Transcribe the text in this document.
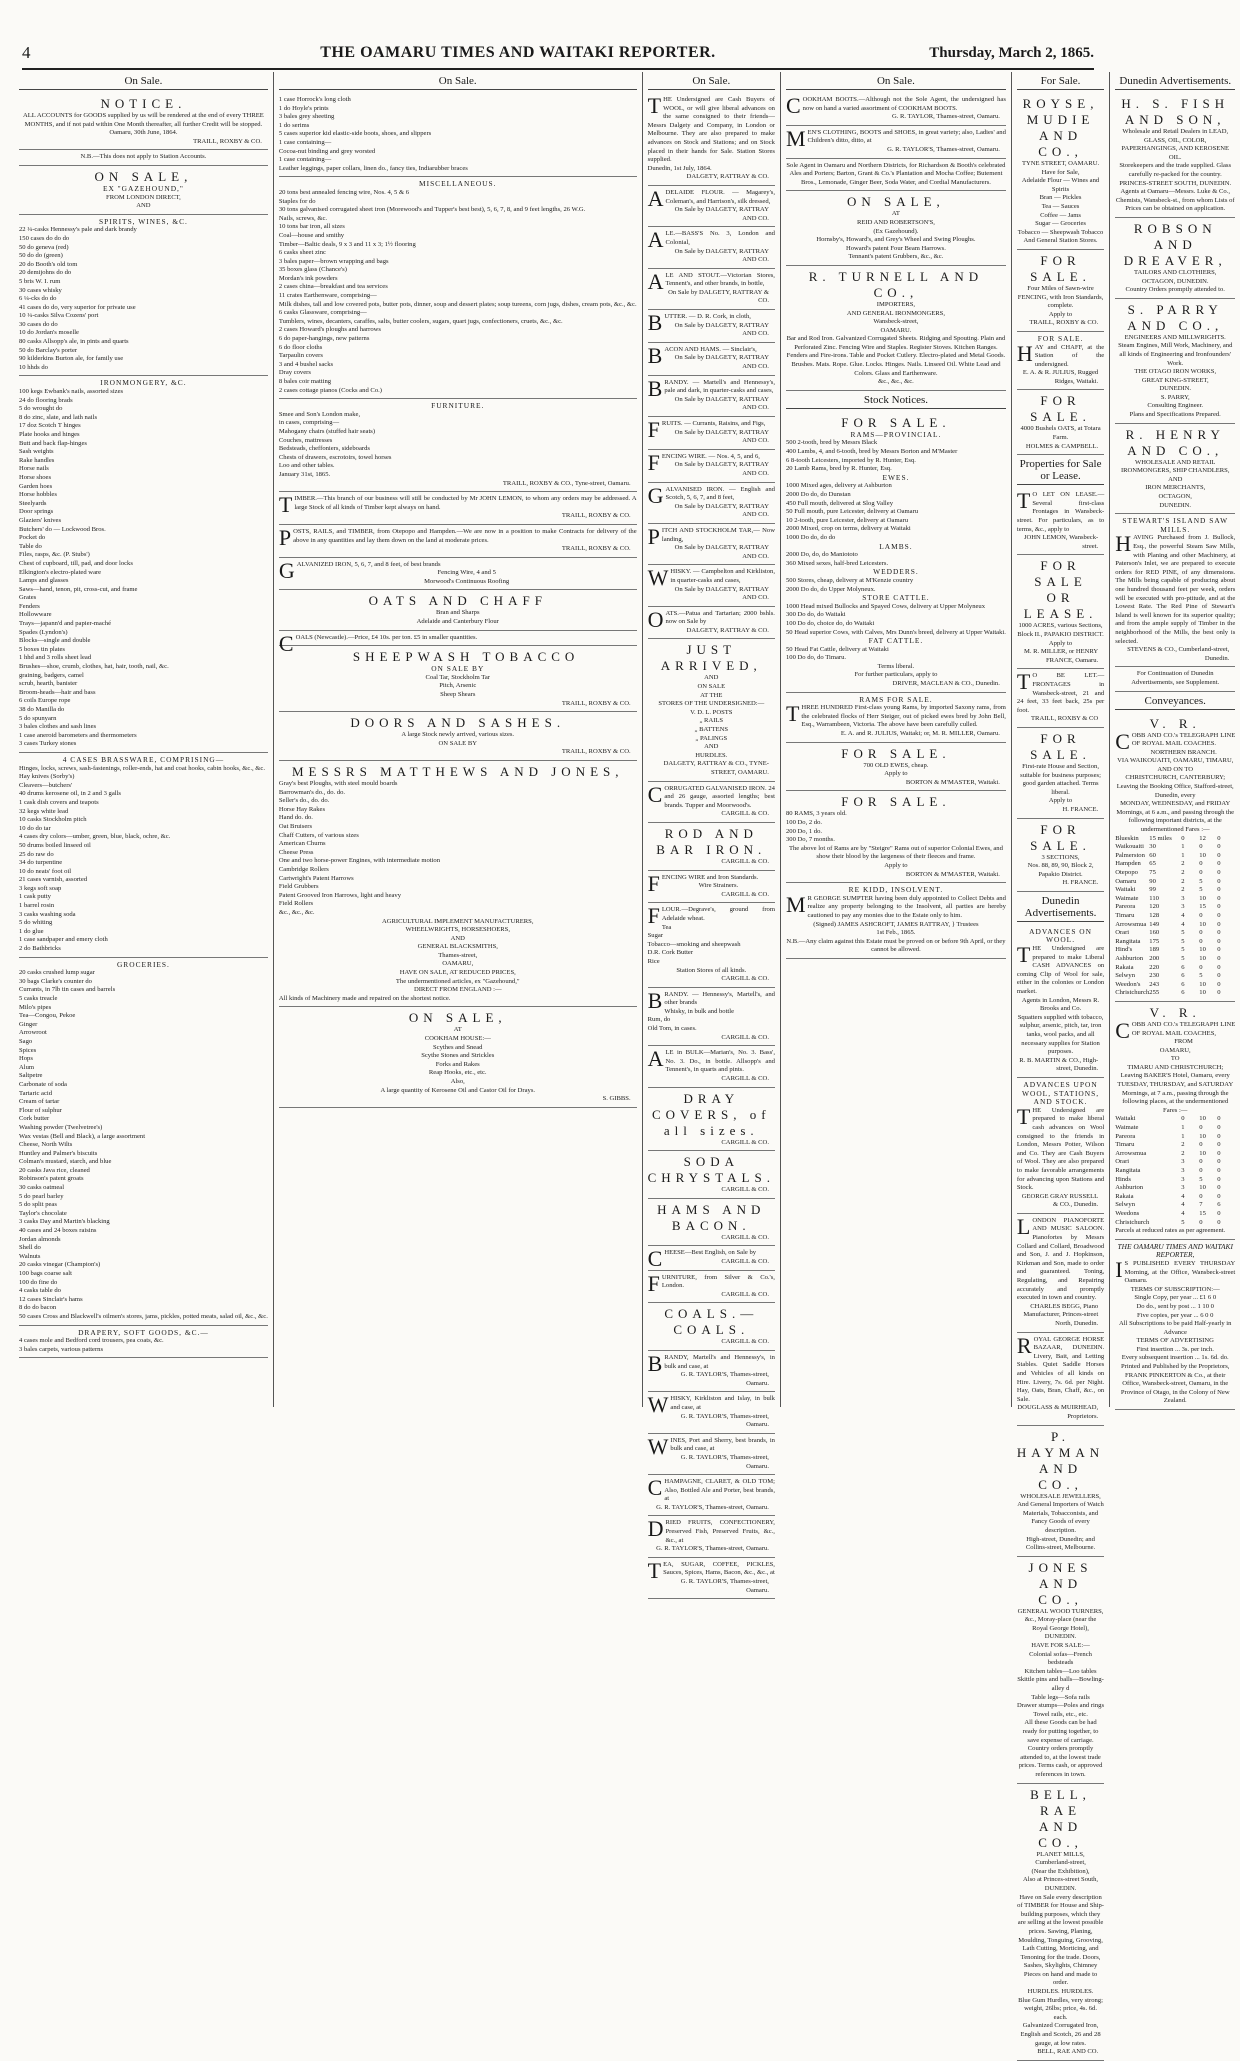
4	THE OAMARU TIMES AND WAITAKI REPORTER.	Thursday, March 2, 1865.
On Sale.
NOTICE.
ALL ACCOUNTS for GOODS supplied by us will be rendered at the end of every THREE MONTHS, and if not paid within One Month thereafter, all further Credit will be stopped.
Oamaru, 30th June, 1864.
TRAILL, ROXBY & CO.
N.B.—This does not apply to Station Accounts.
ON SALE,
EX "GAZEHOUND,"
FROM LONDON DIRECT,
AND
SPIRITS, WINES, &C.
22 ¼-casks Hennessy's pale and dark brandy
150 cases do do do
50 do geneva (red)
50 do do (green)
20 do Booth's old tom
20 demijohns do do
5 bris W. I. rum
30 cases whisky
6 ¼-cks do do
41 cases do do, very superior for private use
10 ¼-casks Silva Cozens' port
30 cases do do
10 do Jordan's moselle
80 casks Allsopp's ale, in pints and quarts
50 do Barclay's porter
90 kilderkins Burton ale, for family use
10 hhds do
IRONMONGERY, &C.
100 kegs Ewbank's nails, assorted sizes
24 do flooring brads
5 do wrought do
8 do zinc, slate, and lath nails
17 doz Scotch T hinges
Plate hooks and hinges
Butt and back flap-hinges
Sash weights
Rake handles
Horse nails
Horse shoes
Garden hoes
Horse hobbles
Steelyards
Door springs
Glaziers' knives
Butchers' do — Lockwood Bros.
Pocket do
Table do
Files, rasps, &c. (P. Stubs')
Chest of cupboard, till, pad, and door locks
Elkington's electro-plated ware
Lamps and glasses
Saws—hand, tenon, pit, cross-cut, and frame
Grates
Fenders
Hollowware
Trays—japann'd and papier-maché
Spades (Lyndon's)
Blocks—single and double
5 boxes tin plates
1 hhd and 3 rolls sheet lead
Brushes—shoe, crumb, clothes, hat, hair, tooth, nail, &c.
graining, badgers, camel
scrub, hearth, banister
Broom-heads—hair and bass
6 coils Europe rope
38 do Manilla do
5 do spunyarn
3 bales clothes and sash lines
1 case aneroid barometers and thermometers
3 cases Turkey stones
4 CASES BRASSWARE, COMPRISING—
Hinges, locks, screws, sash-fastenings, roller-ends, hat and coat hooks, cabin hooks, &c., &c.
Hay knives (Sorby's)
Cleavers—butchers'
40 drums kerosene oil, in 2 and 3 galls
1 cask dish covers and teapots
32 kegs white lead
10 casks Stockholm pitch
10 do do tar
4 cases dry colors—umber, green, blue, black, ochre, &c.
50 drums boiled linseed oil
25 do raw do
34 do turpentine
10 do neats' foot oil
21 cases varnish, assorted
3 kegs soft soap
1 cask putty
1 barrel rosin
3 casks washing soda
5 do whiting
1 do glue
1 case sandpaper and emery cloth
2 do Bathbricks
GROCERIES.
20 casks crushed lump sugar
30 bags Clarke's counter do
Currants, in 7lb tin cases and barrels
5 casks treacle
Milo's pipes
Tea—Congou, Pekoe
Ginger
Arrowroot
Sago
Spices
Hops
Alum
Saltpetre
Carbonate of soda
Tartaric acid
Cream of tartar
Flour of sulphur
Cork butter
Washing powder (Twelvetree's)
Wax vestas (Bell and Black), a large assortment
Cheese, North Wilts
Huntley and Palmer's biscuits
Colman's mustard, starch, and blue
20 casks Java rice, cleaned
Robinson's patent groats
30 casks oatmeal
5 do pearl barley
5 do split peas
Taylor's chocolate
3 casks Day and Martin's blacking
40 cases and 24 boxes raisins
Jordan almonds
Shell do
Walnuts
20 casks vinegar (Champion's)
100 bags coarse salt
100 do fine do
4 casks table do
12 cases Sinclair's hams
8 do do bacon
50 cases Cross and Blackwell's oilmen's stores, jams, pickles, potted meats, salad oil, &c., &c.
DRAPERY, SOFT GOODS, &C.—
4 cases mole and Bedford cord trousers, pea coats, &c.
3 bales carpets, various patterns
On Sale.
1 case Horrock's long cloth
1 do Hoyle's prints
3 bales grey sheeting
1 do serims
5 cases superior kid elastic-side boots, shoes, and slippers
1 case containing—
Cocoa-nut binding and grey worsted
1 case containing—
Leather leggings, paper collars, linen do., fancy ties, Indiarubber braces
MISCELLANEOUS.
20 tons best annealed fencing wire, Nos. 4, 5 & 6
Staples for do
30 tons galvanised corrugated sheet iron (Morewood's and Tupper's best best), 5, 6, 7, 8, and 9 feet lengths, 26 W.G.
Nails, screws, &c.
10 tons bar iron, all sizes
Coal—house and smithy
Timber—Baltic deals, 9 x 3 and 11 x 3; 1½ flooring
6 casks sheet zinc
3 bales paper—brown wrapping and bags
35 boxes glass (Chance's)
Mordan's ink powders
2 cases china—breakfast and tea services
11 crates Earthenware, comprising—
Milk dishes, tall and low covered pots, butter pots, dinner, soup and dessert plates; soup tureens, corn jugs, dishes, cream pots, &c., &c.
6 casks Glassware, comprising—
Tumblers, wines, decanters, caraffes, salts, butter coolers, sugars, quart jugs, confectioners, cruets, &c., &c.
2 cases Howard's ploughs and harrows
6 do paper-hangings, new patterns
6 do floor cloths
Tarpaulin covers
3 and 4 bushel sacks
Dray covers
8 bales coir matting
2 cases cottage pianos (Cocks and Co.)
FURNITURE.
Smee and Son's London make,
in cases, comprising—
Mahogany chairs (stuffed hair seats)
Couches, mattresses
Bedsteads, cheffoniers, sideboards
Chests of drawers, escrotoirs, towel horses
Loo and other tables.
January 31st, 1865.
TRAILL, ROXBY & CO., Tyne-street, Oamaru.
TIMBER.—This branch of our business will still be conducted by Mr JOHN LEMON, to whom any orders may be addressed. A large Stock of all kinds of Timber kept always on hand.
TRAILL, ROXBY & CO.
POSTS, RAILS, and TIMBER, from Otepopo and Hampden.—We are now in a position to make Contracts for delivery of the above in any quantities and lay them down on the land at moderate prices.
TRAILL, ROXBY & CO.
GALVANIZED IRON, 5, 6, 7, and 8 feet, of best brands
Fencing Wire, 4 and 5
Morwood's Continuous Roofing
OATS AND CHAFF
Bran and Sharps
Adelaide and Canterbury Flour
COALS (Newcastle).—Price, £4 10s. per ton. £5 in smaller quantities.
SHEEPWASH TOBACCO
ON SALE BY
Coal Tar, Stockholm Tar
Pitch, Arsenic
Sheep Shears
TRAILL, ROXBY & CO.
DOORS AND SASHES.
A large Stock newly arrived, various sizes.
ON SALE BY
TRAILL, ROXBY & CO.
MESSRS MATTHEWS AND JONES,
Gray's best Ploughs, with steel mould boards
Barrowman's do., do. do.
Seller's do., do. do.
Horse Hay Rakes
Hand do. do.
Oat Bruisers
Chaff Cutters, of various sizes
American Churns
Cheese Press
One and two horse-power Engines, with intermediate motion
Cambridge Rollers
Cartwright's Patent Harrows
Field Grubbers
Patent Grooved Iron Harrows, light and heavy
Field Rollers
&c., &c., &c.
AGRICULTURAL IMPLEMENT MANUFACTURERS,
WHEELWRIGHTS, HORSESHOERS,
AND
GENERAL BLACKSMITHS,
Thames-street,
OAMARU,
HAVE ON SALE, AT REDUCED PRICES,
The undermentioned articles, ex "Gazehound,"
DIRECT FROM ENGLAND :—
All kinds of Machinery made and repaired on the shortest notice.
ON SALE,
AT
COOKHAM HOUSE:—
Scythes and Snead
Scythe Stones and Strickles
Forks and Rakes
Reap Hooks, etc., etc.
Also,
A large quantity of Kerosene Oil and Castor Oil for Drays.
S. GIBBS.
On Sale.
THE Undersigned are Cash Buyers of WOOL, or will give liberal advances on the same consigned to their friends—Messrs Dalgety and Company, in London or Melbourne. They are also prepared to make advances on Stock and Stations; and on Stock placed in their hands for Sale. Station Stores supplied.
Dunedin, 1st July, 1864.
DALGETY, RATTRAY & CO.
ADELAIDE FLOUR. — Magarey's, Coleman's, and Harrison's, silk dressed,
On Sale by DALGETY, RATTRAY AND CO.
ALE.—BASS'S No. 3, London and Colonial,
On Sale by DALGETY, RATTRAY AND CO.
ALE AND STOUT.—Victorian Stores, Tennent's, and other brands, in bottle,
On Sale by DALGETY, RATTRAY & CO.
BUTTER. — D. R. Cork, in cloth,
On Sale by DALGETY, RATTRAY AND CO.
BACON AND HAMS. — Sinclair's,
On Sale by DALGETY, RATTRAY AND CO.
BRANDY. — Martell's and Hennessy's, pale and dark, in quarter-casks and cases,
On Sale by DALGETY, RATTRAY AND CO.
FRUITS. — Currants, Raisins, and Figs,
On Sale by DALGETY, RATTRAY AND CO.
FENCING WIRE. — Nos. 4, 5, and 6,
On Sale by DALGETY, RATTRAY AND CO.
GALVANISED IRON. — English and Scotch, 5, 6, 7, and 8 feet,
On Sale by DALGETY, RATTRAY AND CO.
PITCH AND STOCKHOLM TAR,— Now landing,
On Sale by DALGETY, RATTRAY AND CO.
WHISKY. — Campbelton and Kirkliston, in quarter-casks and cases,
On Sale by DALGETY, RATTRAY AND CO.
OATS.—Patua and Tartarian; 2000 bshls. now on Sale by
DALGETY, RATTRAY & CO.
JUST ARRIVED,
AND
ON SALE
AT THE
STORES OF THE UNDERSIGNED:—
V. D. L. POSTS
„ RAILS
„ BATTENS
„ PALINGS
AND
HURDLES.
DALGETY, RATTRAY & CO., TYNE-STREET, OAMARU.
CORRUGATED GALVANISED IRON. 24 and 26 gauge, assorted lengths; best brands. Tupper and Moorwood's.
CARGILL & CO.
ROD AND BAR IRON.
CARGILL & CO.
FENCING WIRE and Iron Standards.
Wire Strainers.
CARGILL & CO.
FLOUR.—Degrave's, ground from Adelaide wheat.
Tea
Sugar
Tobacco—smoking and sheepwash
D.R. Cork Butter
Rice
Station Stores of all kinds.
CARGILL & CO.
BRANDY. — Hennessy's, Martell's, and other brands
Whisky, in bulk and bottle
Rum, do
Old Tom, in cases.
CARGILL & CO.
ALE in BULK—Marian's, No. 3. Bass', No. 3. Do., in bottle. Allsopp's and Tennent's, in quarts and pints.
CARGILL & CO.
DRAY COVERS, of all sizes.
CARGILL & CO.
SODA CHRYSTALS.
CARGILL & CO.
HAMS AND BACON.
CARGILL & CO.
CHEESE—Best English, on Sale by
CARGILL & CO.
FURNITURE, from Silver & Co.'s, London.
CARGILL & CO.
COALS.—COALS.
CARGILL & CO.
BRANDY, Martell's and Hennessy's, in bulk and case, at
G. R. TAYLOR'S, Thames-street, Oamaru.
WHISKY, Kirkliston and Islay, in bulk and case, at
G. R. TAYLOR'S, Thames-street, Oamaru.
WINES, Port and Sherry, best brands, in bulk and case, at
G. R. TAYLOR'S, Thames-street, Oamaru.
CHAMPAGNE, CLARET, & OLD TOM; Also, Bottled Ale and Porter, best brands, at
G. R. TAYLOR'S, Thames-street, Oamaru.
DRIED FRUITS, CONFECTIONERY, Preserved Fish, Preserved Fruits, &c., &c., at
G. R. TAYLOR'S, Thames-street, Oamaru.
TEA, SUGAR, COFFEE, PICKLES, Sauces, Spices, Hams, Bacon, &c., &c., at
G. R. TAYLOR'S, Thames-street, Oamaru.
On Sale.
COOKHAM BOOTS.—Although not the Sole Agent, the undersigned has now on hand a varied assortment of COOKHAM BOOTS.
G. R. TAYLOR, Thames-street, Oamaru.
MEN'S CLOTHING, BOOTS and SHOES, in great variety; also, Ladies' and Children's ditto, ditto, at
G. R. TAYLOR'S, Thames-street, Oamaru.
Sole Agent in Oamaru and Northern Districts, for Richardson & Booth's celebrated Ales and Porters; Barton, Grant & Co.'s Plantation and Mocha Coffee; Butement Bros., Lemonade, Ginger Beer, Soda Water, and Cordial Manufacturers.
ON SALE,
AT
REID AND ROBERTSON'S,
(Ex Gazehound).
Hornsby's, Howard's, and Grey's Wheel and Swing Ploughs.
Howard's patent Four Beam Harrows.
Tennant's patent Grubbers, &c., &c.
R. TURNELL AND CO.,
IMPORTERS,
AND GENERAL IRONMONGERS,
Wansbeck-street,
OAMARU.
Bar and Rod Iron. Galvanized Corrugated Sheets. Ridging and Spouting. Plain and Perforated Zinc. Fencing Wire and Staples. Register Stoves. Kitchen Ranges. Fenders and Fire-irons. Table and Pocket Cutlery. Electro-plated and Metal Goods. Brushes. Mats. Rope. Glue. Locks. Hinges. Nails. Linseed Oil. White Lead and Colors. Glass and Earthenware.
&c., &c., &c.
Stock Notices.
FOR SALE.
RAMS—PROVINCIAL.
500 2-tooth, bred by Messrs Black
400 Lambs, 4, and 6-tooth, bred by Messrs Borton and M'Master
6 8-tooth Leicesters, imported by R. Hunter, Esq.
20 Lamb Rams, bred by R. Hunter, Esq.
EWES.
1000 Mixed ages, delivery at Ashburton
2000 Do do, do Dunstan
450 Full mouth, delivered at Slog Valley
50 Full mouth, pure Leicester, delivery at Oamaru
10 2-tooth, pure Leicester, delivery at Oamaru
2000 Mixed, crop on terms, delivery at Waitaki
1000 Do do, do do
LAMBS.
2000 Do, do, do Maniototo
360 Mixed sexes, half-bred Leicesters.
WEDDERS.
500 Stores, cheap, delivery at M'Kenzie country
2000 Do do, do Upper Molyneux.
STORE CATTLE.
1000 Head mixed Bullocks and Spayed Cows, delivery at Upper Molyneux
300 Do do, do Waitaki
100 Do do, choice do, do Waitaki
50 Head superior Cows, with Calves, Mrs Dunn's breed, delivery at Upper Waitaki.
FAT CATTLE.
50 Head Fat Cattle, delivery at Waitaki
100 Do do, do Timaru.
Terms liberal.
For further particulars, apply to
DRIVER, MACLEAN & CO., Dunedin.
RAMS FOR SALE.
THREE HUNDRED First-class young Rams, by imported Saxony rams, from the celebrated flocks of Herr Steiger, out of picked ewes bred by John Bell, Esq., Warrambeen, Victoria. The above have been carefully culled.
E. A. and R. JULIUS, Waitaki; or, M. R. MILLER, Oamaru.
FOR SALE.
700 OLD EWES, cheap.
Apply to
BORTON & M'MASTER, Waitaki.
FOR SALE.
80 RAMS, 3 years old.
100 Do, 2 do.
200 Do, 1 do.
300 Do, 7 months.
The above lot of Rams are by "Steigre" Rams out of superior Colonial Ewes, and show their blood by the largeness of their fleeces and frame.
Apply to
BORTON & M'MASTER, Waitaki.
RE KIDD, INSOLVENT.
MR GEORGE SUMPTER having been duly appointed to Collect Debts and realize any property belonging to the Insolvent, all parties are hereby cautioned to pay any monies due to the Estate only to him.
(Signed) JAMES ASHCROFT, JAMES RATTRAY, } Trustees
1st Feb., 1865.
N.B.—Any claim against this Estate must be proved on or before 9th April, or they cannot be allowed.
For Sale.
ROYSE, MUDIE AND CO.,
TYNE STREET, OAMARU.
Have for Sale,
Adelaide Flour — Wines and Spirits
Bran — Pickles
Tea — Sauces
Coffee — Jams
Sugar — Groceries
Tobacco — Sheepwash Tobacco
And General Station Stores.
FOR SALE.
Four Miles of Sawn-wire FENCING, with Iron Standards, complete.
Apply to
TRAILL, ROXBY & CO.
FOR SALE.
HAY and CHAFF, at the Station of the undersigned.
E. A. & R. JULIUS, Rugged Ridges, Waitaki.
FOR SALE.
4000 Bushels OATS, at Totara Farm.
HOLMES & CAMPBELL.
Properties for Sale or Lease.
TO LET ON LEASE.—Several first-class Frontages in Wansbeck-street. For particulars, as to terms, &c., apply to
JOHN LEMON, Wansbeck-street.
FOR SALE OR LEASE.
1000 ACRES, various Sections, Block II., PAPAKIO DISTRICT.
Apply to
M. R. MILLER, or HENRY FRANCE, Oamaru.
TO BE LET.—FRONTAGES in Wansbeck-street, 21 and 24 feet, 33 feet back, 25s per foot.
TRAILL, ROXBY & CO
FOR SALE.
First-rate House and Section, suitable for business purposes; good garden attached. Terms liberal.
Apply to
H. FRANCE.
FOR SALE.
3 SECTIONS,
Nos. 88, 89, 90, Block 2, Papakio District.
H. FRANCE.
Dunedin Advertisements.
ADVANCES ON WOOL.
THE Undersigned are prepared to make Liberal CASH ADVANCES on coming Clip of Wool for sale, either in the colonies or London market.
Agents in London, Messrs R. Brooks and Co.
Squatters supplied with tobacco, sulphur, arsenic, pitch, tar, iron tanks, wool packs, and all necessary supplies for Station purposes.
R. B. MARTIN & CO., High-street, Dunedin.
ADVANCES UPON WOOL, STATIONS, AND STOCK.
THE Undersigned are prepared to make liberal cash advances on Wool consigned to the friends in London, Messrs Potter, Wilson and Co. They are Cash Buyers of Wool. They are also prepared to make favorable arrangements for advancing upon Stations and Stock.
GEORGE GRAY RUSSELL & CO., Dunedin.
LONDON PIANOFORTE AND MUSIC SALOON. Pianofortes by Messrs Collard and Collard, Broadwood and Son, J. and J. Hopkinson, Kirkman and Son, made to order and guaranteed. Toning, Regulating, and Repairing accurately and promptly executed in town and country.
CHARLES BEGG, Piano Manufacturer, Princes-street North, Dunedin.
ROYAL GEORGE HORSE BAZAAR, DUNEDIN. Livery, Bait, and Letting Stables. Quiet Saddle Horses and Vehicles of all kinds on Hire. Livery, 7s. 6d. per Night. Hay, Oats, Bran, Chaff, &c., on Sale.
DOUGLASS & MUIRHEAD, Proprietors.
P. HAYMAN AND CO.,
WHOLESALE JEWELLERS, And General Importers of Watch Materials, Tobacconists, and Fancy Goods of every description.
High-street, Dunedin; and Collins-street, Melbourne.
JONES AND CO.,
GENERAL WOOD TURNERS, &c., Moray-place (near the Royal George Hotel), DUNEDIN.
HAVE FOR SALE:—
Colonial sofas—French bedsteads
Kitchen tables—Loo tables
Skittle pins and balls—Bowling-alley d
Table legs—Sofa rails
Drawer stumps—Poles and rings
Towel rails, etc., etc.
All these Goods can be had ready for putting together, to save expense of carriage. Country orders promptly attended to, at the lowest trade prices. Terms cash, or approved references in town.
BELL, RAE AND CO.,
PLANET MILLS,
Cumberland-street,
(Near the Exhibition),
Also at Princes-street South, DUNEDIN.
Have on Sale every description of TIMBER for House and Ship-building purposes, which they are selling at the lowest possible prices. Sawing, Planing, Moulding, Tonguing, Grooving, Lath Cutting, Morticing, and Tenoning for the trade. Doors, Sashes, Skylights, Chimney Pieces on hand and made to order.
HURDLES. HURDLES.
Blue Gum Hurdles, very strong; weight, 26lbs; price, 4s. 6d. each.
Galvanized Corrugated Iron, English and Scotch, 26 and 28 gauge, at low rates.
BELL, RAE AND CO.
Dunedin Advertisements.
H. S. FISH AND SON,
Wholesale and Retail Dealers in LEAD, GLASS, OIL, COLOR, PAPERHANGINGS, AND KEROSENE OIL.
Storekeepers and the trade supplied. Glass carefully re-packed for the country.
PRINCES-STREET SOUTH, DUNEDIN.
Agents at Oamaru—Messrs. Luke & Co., Chemists, Wansbeck-st., from whom Lists of Prices can be obtained on application.
ROBSON AND DREAVER,
TAILORS AND CLOTHIERS,
OCTAGON, DUNEDIN.
Country Orders promptly attended to.
S. PARRY AND CO.,
ENGINEERS AND MILLWRIGHTS.
Steam Engines, Mill Work, Machinery, and all kinds of Engineering and Ironfounders' Work.
THE OTAGO IRON WORKS,
GREAT KING-STREET,
DUNEDIN.
S. PARRY,
Consulting Engineer.
Plans and Specifications Prepared.
R. HENRY AND CO.,
WHOLESALE AND RETAIL IRONMONGERS, SHIP CHANDLERS,
AND
IRON MERCHANTS,
OCTAGON,
DUNEDIN.
STEWART'S ISLAND SAW MILLS.
HAVING Purchased from J. Bullock, Esq., the powerful Steam Saw Mills, with Planing and other Machinery, at Paterson's Inlet, we are prepared to execute orders for RED PINE, of any dimensions. The Mills being capable of producing about one hundred thousand feet per week, orders will be executed with pro-ptitude, and at the Lowest Rate. The Red Pine of Stewart's Island is well known for its superior quality; and from the ample supply of Timber in the neighborhood of the Mills, the best only is selected.
STEVENS & CO., Cumberland-street, Dunedin.
For Continuation of Dunedin Advertisements, see Supplement.
Conveyances.
V. R.
COBB AND CO.'s TELEGRAPH LINE OF ROYAL MAIL COACHES.
NORTHERN BRANCH.
VIA WAIKOUAITI, OAMARU, TIMARU,
AND ON TO
CHRISTCHURCH, CANTERBURY;
Leaving the Booking Office, Stafford-street, Dunedin, every
MONDAY, WEDNESDAY, and FRIDAY
Mornings, at 6 a.m., and passing through the following important districts, at the undermentioned Fares :—
Blueskin	15 miles	0	12	0
Waikouaiti 30	1	0	0
Palmerston 60	1	10	0
Hampden	65	2	0	0
Otepopo	75	2	0	0
Oamaru	90	2	5	0
Waitaki	99	2	5	0
Waimate	110	3	10	0
Pareora	120	3	15	0
Timaru	128	4	0	0
Arrowsmua 149	4	10	0
Orari	160	5	0	0
Rangitata	175	5	0	0
Hind's	189	5	10	0
Ashburton 200	5	10	0
Rakaia	220	6	0	0
Selwyn	230	6	5	0
Weedon's	243	6	10	0
Christchurch 255	6	10	0
V. R.
COBB AND CO.'s TELEGRAPH LINE OF ROYAL MAIL COACHES,
FROM
OAMARU,
TO
TIMARU AND CHRISTCHURCH;
Leaving BAKER'S Hotel, Oamaru, every TUESDAY, THURSDAY, and SATURDAY Mornings, at 7 a.m., passing through the following places, at the undermentioned Fares :—
Waitaki	0	10	0
Waimate	1	0	0
Pareora	1	10	0
Timaru	2	0	0
Arrowsmua	2	10	0
Orari	3	0	0
Rangitata	3	0	0
Hinds	3	5	0
Ashburton	3	10	0
Rakaia	4	0	0
Selwyn	4	7	6
Weedons	4	15	0
Christchurch	5	0	0
Parcels at reduced rates as per agreement.
THE OAMARU TIMES AND WAITAKI REPORTER,
IS PUBLISHED EVERY THURSDAY Morning, at the Office, Wansbeck-street Oamaru.
TERMS OF SUBSCRIPTION:—
Single Copy, per year ... £1 6 0
Do do., sent by post ... 1 10 0
Five copies, per year ... 6 0 0
All Subscriptions to be paid Half-yearly in Advance
TERMS OF ADVERTISING
First insertion ... 3s. per inch.
Every subsequent insertion ... 1s. 6d. do.
Printed and Published by the Proprietors, FRANK PINKERTON & Co., at their Office, Wansbeck-street, Oamaru, in the Province of Otago, in the Colony of New Zealand.
